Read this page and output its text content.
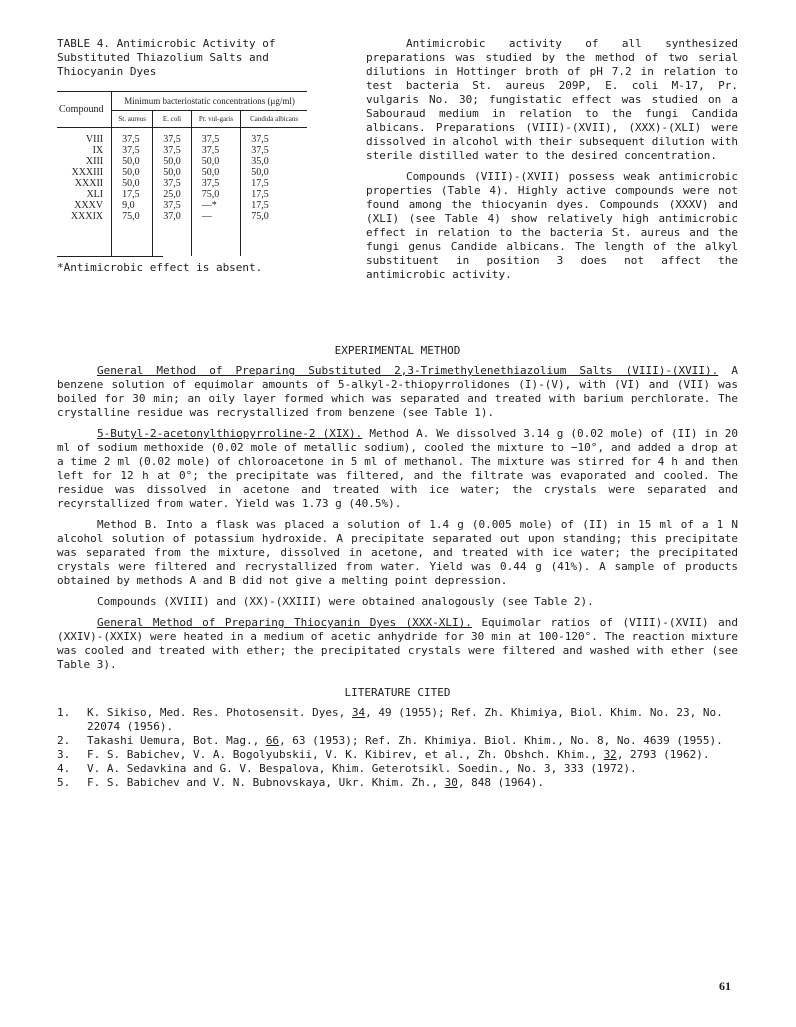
TABLE 4. Antimicrobic Activity of Substituted Thiazolium Salts and Thiocyanin Dyes

Compound	Minimum bacteriostatic concentrations (μg/ml)			
	St. aureus	E. coli	Pr. vul-garis	Candida albicans
VIII	37,5	37,5	37,5	37,5
IX	37,5	37,5	37,5	37,5
XIII	50,0	50,0	50,0	35,0
XXXIII	50,0	50,0	50,0	50,0
XXXII	50,0	37,5	37,5	17,5
XLI	17,5	25,0	75,0	17,5
XXXV	9,0	37,5	—*	17,5
XXXIX	75,0	37,0	—	75,0

*Antimicrobic effect is absent.

Antimicrobic activity of all synthesized preparations was studied by the method of two serial dilutions in Hottinger broth of pH 7.2 in relation to test bacteria St. aureus 209P, E. coli M-17, Pr. vulgaris No. 30; fungistatic effect was studied on a Sabouraud medium in relation to the fungi Candida albicans. Preparations (VIII)-(XVII), (XXX)-(XLI) were dissolved in alcohol with their subsequent dilution with sterile distilled water to the desired concentration.

Compounds (VIII)-(XVII) possess weak antimicrobic properties (Table 4). Highly active compounds were not found among the thiocyanin dyes. Compounds (XXXV) and (XLI) (see Table 4) show relatively high antimicrobic effect in relation to the bacteria St. aureus and the fungi genus Candide albicans. The length of the alkyl substituent in position 3 does not affect the antimicrobic activity.

EXPERIMENTAL METHOD

General Method of Preparing Substituted 2,3-Trimethylenethiazolium Salts (VIII)-(XVII). A benzene solution of equimolar amounts of 5-alkyl-2-thiopyrrolidones (I)-(V), with (VI) and (VII) was boiled for 30 min; an oily layer formed which was separated and treated with barium perchlorate. The crystalline residue was recrystallized from benzene (see Table 1).

5-Butyl-2-acetonylthiopyrroline-2 (XIX). Method A. We dissolved 3.14 g (0.02 mole) of (II) in 20 ml of sodium methoxide (0.02 mole of metallic sodium), cooled the mixture to −10°, and added a drop at a time 2 ml (0.02 mole) of chloroacetone in 5 ml of methanol. The mixture was stirred for 4 h and then left for 12 h at 0°; the precipitate was filtered, and the filtrate was evaporated and cooled. The residue was dissolved in acetone and treated with ice water; the crystals were separated and recyrstallized from water. Yield was 1.73 g (40.5%).

Method B. Into a flask was placed a solution of 1.4 g (0.005 mole) of (II) in 15 ml of a 1 N alcohol solution of potassium hydroxide. A precipitate separated out upon standing; this precipitate was separated from the mixture, dissolved in acetone, and treated with ice water; the precipitated crystals were filtered and recrystallized from water. Yield was 0.44 g (41%). A sample of products obtained by methods A and B did not give a melting point depression.

Compounds (XVIII) and (XX)-(XXIII) were obtained analogously (see Table 2).

General Method of Preparing Thiocyanin Dyes (XXX-XLI). Equimolar ratios of (VIII)-(XVII) and (XXIV)-(XXIX) were heated in a medium of acetic anhydride for 30 min at 100-120°. The reaction mixture was cooled and treated with ether; the precipitated crystals were filtered and washed with ether (see Table 3).

LITERATURE CITED

1. K. Sikiso, Med. Res. Photosensit. Dyes, 34, 49 (1955); Ref. Zh. Khimiya, Biol. Khim. No. 23, No. 22074 (1956).
2. Takashi Uemura, Bot. Mag., 66, 63 (1953); Ref. Zh. Khimiya. Biol. Khim., No. 8, No. 4639 (1955).
3. F. S. Babichev, V. A. Bogolyubskii, V. K. Kibirev, et al., Zh. Obshch. Khim., 32, 2793 (1962).
4. V. A. Sedavkina and G. V. Bespalova, Khim. Geterotsikl. Soedin., No. 3, 333 (1972).
5. F. S. Babichev and V. N. Bubnovskaya, Ukr. Khim. Zh., 30, 848 (1964).
61
